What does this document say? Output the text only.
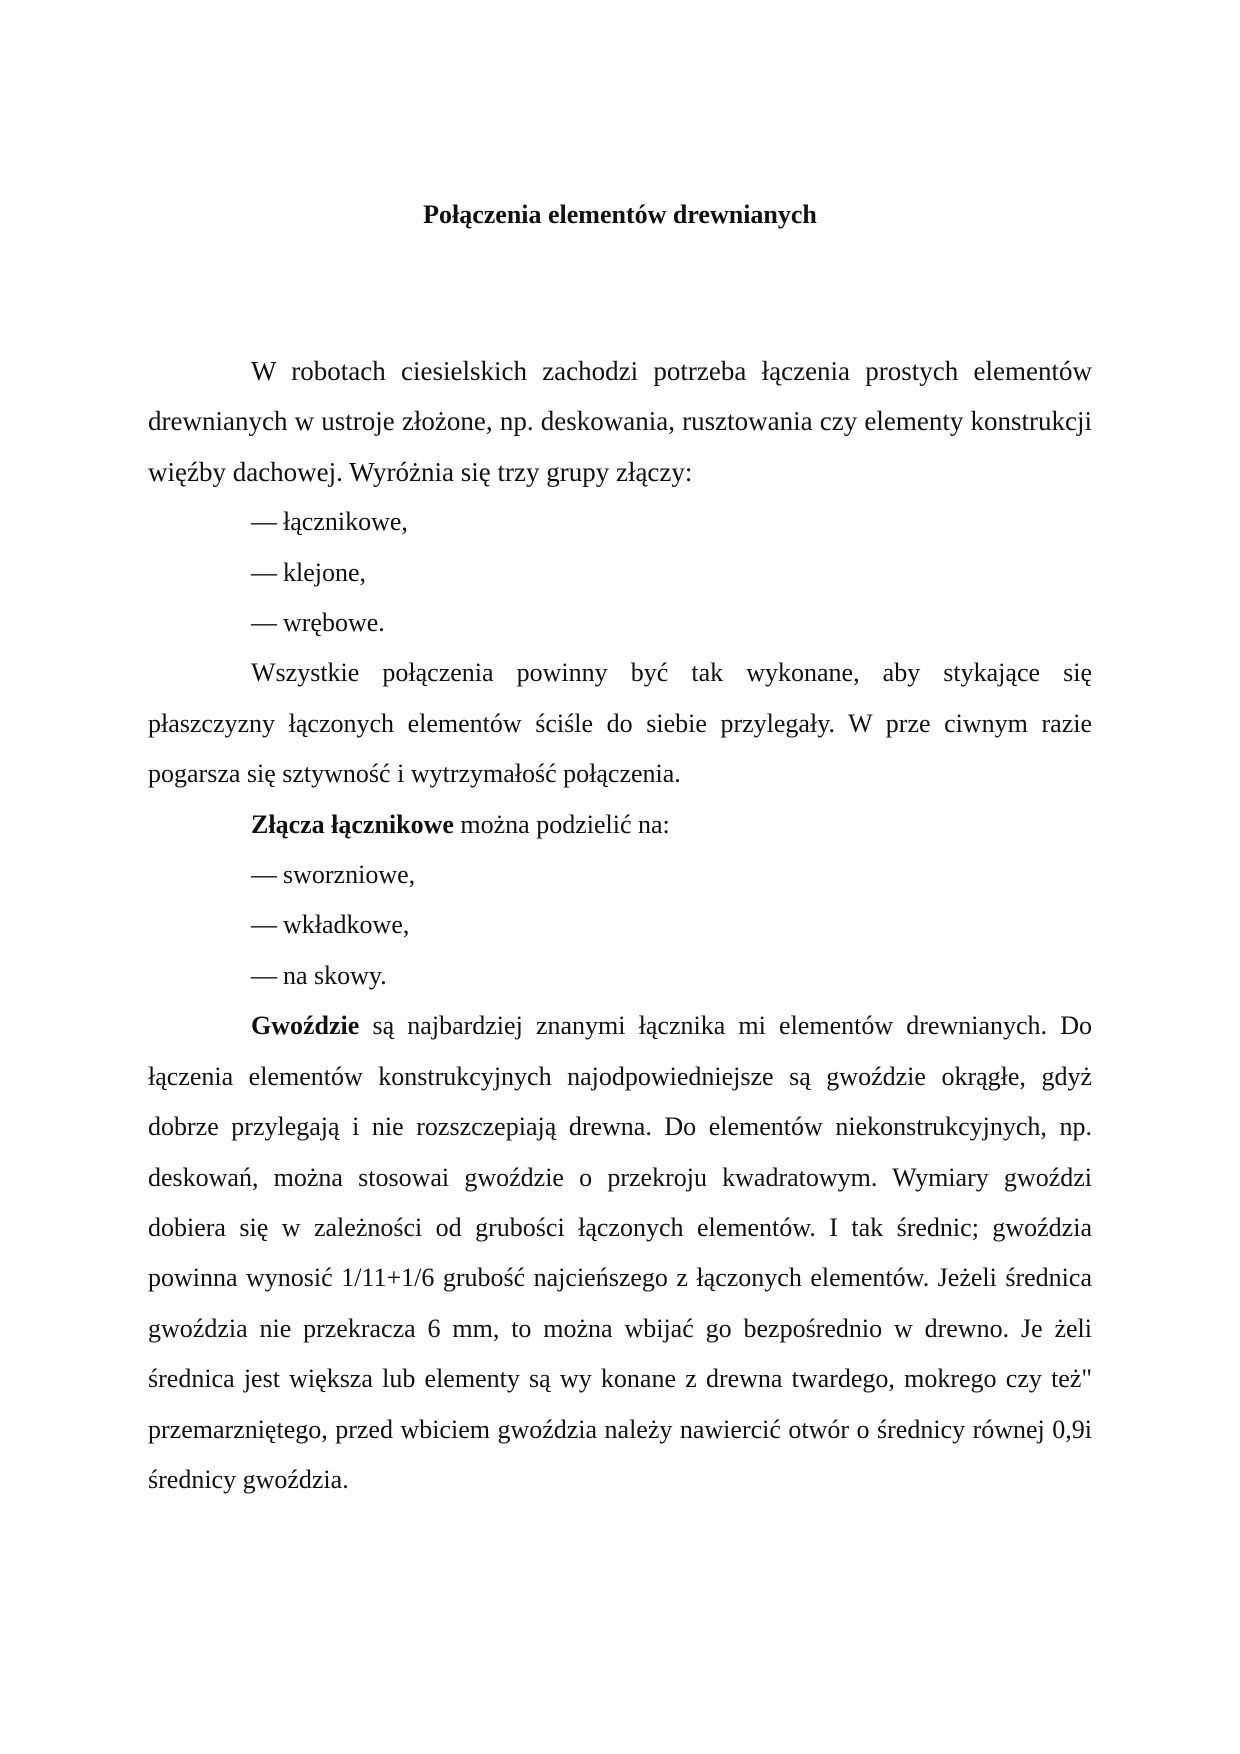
Połączenia elementów drewnianych

W robotach ciesielskich zachodzi potrzeba łączenia prostych elementów drewnianych w ustroje złożone, np. deskowania, rusztowania czy elementy konstrukcji więźby dachowej. Wyróżnia się trzy grupy złączy:

— łącznikowe,
— klejone,
— wrębowe.

Wszystkie połączenia powinny być tak wykonane, aby stykające się płaszczyzny łączonych elementów ściśle do siebie przylegały. W prze ciwnym razie pogarsza się sztywność i wytrzymałość połączenia.

Złącza łącznikowe można podzielić na:

— sworzniowe,
— wkładkowe,
— na skowy.

Gwoździe są najbardziej znanymi łącznika mi elementów drewnianych. Do łączenia elementów konstrukcyjnych najodpowiedniejsze są gwoździe okrągłe, gdyż dobrze przylegają i nie rozszczepiają drewna. Do elementów niekonstrukcyjnych, np. deskowań, można stosowai gwoździe o przekroju kwadratowym. Wymiary gwoździ dobiera się w zależności od grubości łączonych elementów. I tak średnic; gwoździa powinna wynosić 1/11+1/6 grubość najcieńszego z łączonych elementów. Jeżeli średnica gwoździa nie przekracza 6 mm, to można wbijać go bezpośrednio w drewno. Je żeli średnica jest większa lub elementy są wy konane z drewna twardego, mokrego czy też" przemarzniętego, przed wbiciem gwoździa należy nawiercić otwór o średnicy równej 0,9i średnicy gwoździa.
